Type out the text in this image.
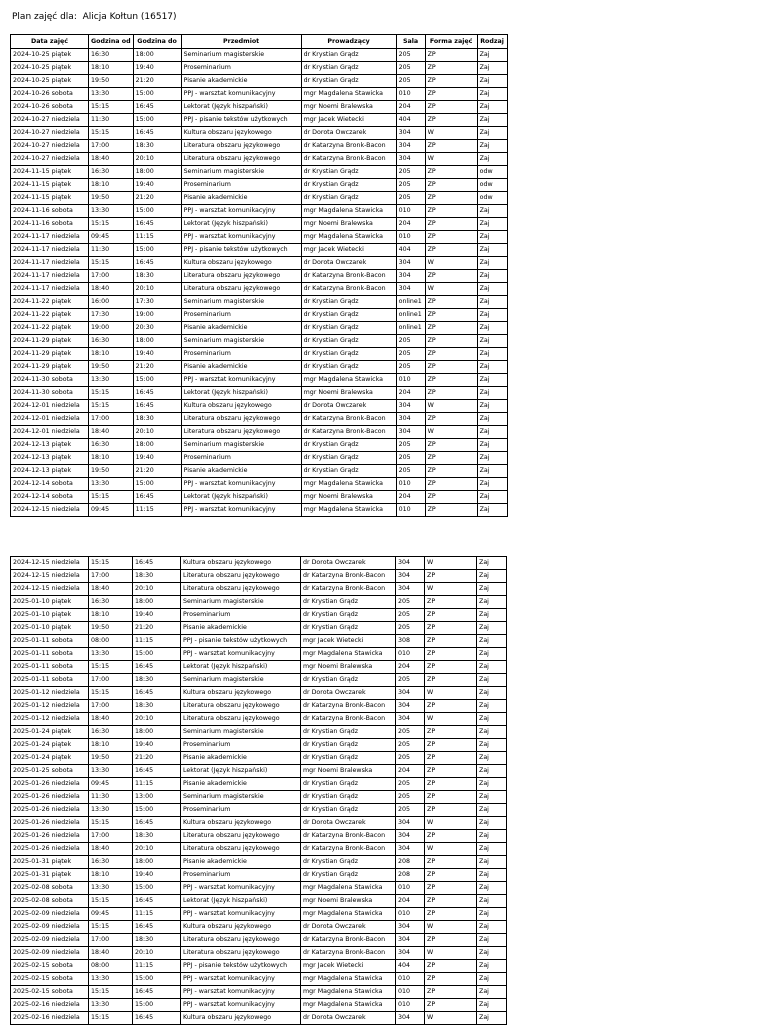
Plan zajęć dla: Alicja Kołtun (16517)
Data zajęć	Godzina od	Godzina do	Przedmiot	Prowadzący	Sala	Forma zajęć	Rodzaj
2024-10-25 piątek	16:30	18:00	Seminarium magisterskie	dr Krystian Grądz	205	ZP	Zaj
2024-10-25 piątek	18:10	19:40	Proseminarium	dr Krystian Grądz	205	ZP	Zaj
2024-10-25 piątek	19:50	21:20	Pisanie akademickie	dr Krystian Grądz	205	ZP	Zaj
2024-10-26 sobota	13:30	15:00	PPJ - warsztat komunikacyjny	mgr Magdalena Stawicka	010	ZP	Zaj
2024-10-26 sobota	15:15	16:45	Lektorat (Język hiszpański)	mgr Noemi Bralewska	204	ZP	Zaj
2024-10-27 niedziela	11:30	15:00	PPJ - pisanie tekstów użytkowych	mgr Jacek Wietecki	404	ZP	Zaj
2024-10-27 niedziela	15:15	16:45	Kultura obszaru językowego	dr Dorota Owczarek	304	W	Zaj
2024-10-27 niedziela	17:00	18:30	Literatura obszaru językowego	dr Katarzyna Bronk-Bacon	304	ZP	Zaj
2024-10-27 niedziela	18:40	20:10	Literatura obszaru językowego	dr Katarzyna Bronk-Bacon	304	W	Zaj
2024-11-15 piątek	16:30	18:00	Seminarium magisterskie	dr Krystian Grądz	205	ZP	odw
2024-11-15 piątek	18:10	19:40	Proseminarium	dr Krystian Grądz	205	ZP	odw
2024-11-15 piątek	19:50	21:20	Pisanie akademickie	dr Krystian Grądz	205	ZP	odw
2024-11-16 sobota	13:30	15:00	PPJ - warsztat komunikacyjny	mgr Magdalena Stawicka	010	ZP	Zaj
2024-11-16 sobota	15:15	16:45	Lektorat (Język hiszpański)	mgr Noemi Bralewska	204	ZP	Zaj
2024-11-17 niedziela	09:45	11:15	PPJ - warsztat komunikacyjny	mgr Magdalena Stawicka	010	ZP	Zaj
2024-11-17 niedziela	11:30	15:00	PPJ - pisanie tekstów użytkowych	mgr Jacek Wietecki	404	ZP	Zaj
2024-11-17 niedziela	15:15	16:45	Kultura obszaru językowego	dr Dorota Owczarek	304	W	Zaj
2024-11-17 niedziela	17:00	18:30	Literatura obszaru językowego	dr Katarzyna Bronk-Bacon	304	ZP	Zaj
2024-11-17 niedziela	18:40	20:10	Literatura obszaru językowego	dr Katarzyna Bronk-Bacon	304	W	Zaj
2024-11-22 piątek	16:00	17:30	Seminarium magisterskie	dr Krystian Grądz	online1	ZP	Zaj
2024-11-22 piątek	17:30	19:00	Proseminarium	dr Krystian Grądz	online1	ZP	Zaj
2024-11-22 piątek	19:00	20:30	Pisanie akademickie	dr Krystian Grądz	online1	ZP	Zaj
2024-11-29 piątek	16:30	18:00	Seminarium magisterskie	dr Krystian Grądz	205	ZP	Zaj
2024-11-29 piątek	18:10	19:40	Proseminarium	dr Krystian Grądz	205	ZP	Zaj
2024-11-29 piątek	19:50	21:20	Pisanie akademickie	dr Krystian Grądz	205	ZP	Zaj
2024-11-30 sobota	13:30	15:00	PPJ - warsztat komunikacyjny	mgr Magdalena Stawicka	010	ZP	Zaj
2024-11-30 sobota	15:15	16:45	Lektorat (Język hiszpański)	mgr Noemi Bralewska	204	ZP	Zaj
2024-12-01 niedziela	15:15	16:45	Kultura obszaru językowego	dr Dorota Owczarek	304	W	Zaj
2024-12-01 niedziela	17:00	18:30	Literatura obszaru językowego	dr Katarzyna Bronk-Bacon	304	ZP	Zaj
2024-12-01 niedziela	18:40	20:10	Literatura obszaru językowego	dr Katarzyna Bronk-Bacon	304	W	Zaj
2024-12-13 piątek	16:30	18:00	Seminarium magisterskie	dr Krystian Grądz	205	ZP	Zaj
2024-12-13 piątek	18:10	19:40	Proseminarium	dr Krystian Grądz	205	ZP	Zaj
2024-12-13 piątek	19:50	21:20	Pisanie akademickie	dr Krystian Grądz	205	ZP	Zaj
2024-12-14 sobota	13:30	15:00	PPJ - warsztat komunikacyjny	mgr Magdalena Stawicka	010	ZP	Zaj
2024-12-14 sobota	15:15	16:45	Lektorat (Język hiszpański)	mgr Noemi Bralewska	204	ZP	Zaj
2024-12-15 niedziela	09:45	11:15	PPJ - warsztat komunikacyjny	mgr Magdalena Stawicka	010	ZP	Zaj
2024-12-15 niedziela	15:15	16:45	Kultura obszaru językowego	dr Dorota Owczarek	304	W	Zaj
2024-12-15 niedziela	17:00	18:30	Literatura obszaru językowego	dr Katarzyna Bronk-Bacon	304	ZP	Zaj
2024-12-15 niedziela	18:40	20:10	Literatura obszaru językowego	dr Katarzyna Bronk-Bacon	304	W	Zaj
2025-01-10 piątek	16:30	18:00	Seminarium magisterskie	dr Krystian Grądz	205	ZP	Zaj
2025-01-10 piątek	18:10	19:40	Proseminarium	dr Krystian Grądz	205	ZP	Zaj
2025-01-10 piątek	19:50	21:20	Pisanie akademickie	dr Krystian Grądz	205	ZP	Zaj
2025-01-11 sobota	08:00	11:15	PPJ - pisanie tekstów użytkowych	mgr Jacek Wietecki	308	ZP	Zaj
2025-01-11 sobota	13:30	15:00	PPJ - warsztat komunikacyjny	mgr Magdalena Stawicka	010	ZP	Zaj
2025-01-11 sobota	15:15	16:45	Lektorat (Język hiszpański)	mgr Noemi Bralewska	204	ZP	Zaj
2025-01-11 sobota	17:00	18:30	Seminarium magisterskie	dr Krystian Grądz	205	ZP	Zaj
2025-01-12 niedziela	15:15	16:45	Kultura obszaru językowego	dr Dorota Owczarek	304	W	Zaj
2025-01-12 niedziela	17:00	18:30	Literatura obszaru językowego	dr Katarzyna Bronk-Bacon	304	ZP	Zaj
2025-01-12 niedziela	18:40	20:10	Literatura obszaru językowego	dr Katarzyna Bronk-Bacon	304	W	Zaj
2025-01-24 piątek	16:30	18:00	Seminarium magisterskie	dr Krystian Grądz	205	ZP	Zaj
2025-01-24 piątek	18:10	19:40	Proseminarium	dr Krystian Grądz	205	ZP	Zaj
2025-01-24 piątek	19:50	21:20	Pisanie akademickie	dr Krystian Grądz	205	ZP	Zaj
2025-01-25 sobota	13:30	16:45	Lektorat (Język hiszpański)	mgr Noemi Bralewska	204	ZP	Zaj
2025-01-26 niedziela	09:45	11:15	Pisanie akademickie	dr Krystian Grądz	205	ZP	Zaj
2025-01-26 niedziela	11:30	13:00	Seminarium magisterskie	dr Krystian Grądz	205	ZP	Zaj
2025-01-26 niedziela	13:30	15:00	Proseminarium	dr Krystian Grądz	205	ZP	Zaj
2025-01-26 niedziela	15:15	16:45	Kultura obszaru językowego	dr Dorota Owczarek	304	W	Zaj
2025-01-26 niedziela	17:00	18:30	Literatura obszaru językowego	dr Katarzyna Bronk-Bacon	304	ZP	Zaj
2025-01-26 niedziela	18:40	20:10	Literatura obszaru językowego	dr Katarzyna Bronk-Bacon	304	W	Zaj
2025-01-31 piątek	16:30	18:00	Pisanie akademickie	dr Krystian Grądz	208	ZP	Zaj
2025-01-31 piątek	18:10	19:40	Proseminarium	dr Krystian Grądz	208	ZP	Zaj
2025-02-08 sobota	13:30	15:00	PPJ - warsztat komunikacyjny	mgr Magdalena Stawicka	010	ZP	Zaj
2025-02-08 sobota	15:15	16:45	Lektorat (Język hiszpański)	mgr Noemi Bralewska	204	ZP	Zaj
2025-02-09 niedziela	09:45	11:15	PPJ - warsztat komunikacyjny	mgr Magdalena Stawicka	010	ZP	Zaj
2025-02-09 niedziela	15:15	16:45	Kultura obszaru językowego	dr Dorota Owczarek	304	W	Zaj
2025-02-09 niedziela	17:00	18:30	Literatura obszaru językowego	dr Katarzyna Bronk-Bacon	304	ZP	Zaj
2025-02-09 niedziela	18:40	20:10	Literatura obszaru językowego	dr Katarzyna Bronk-Bacon	304	W	Zaj
2025-02-15 sobota	08:00	11:15	PPJ - pisanie tekstów użytkowych	mgr Jacek Wietecki	404	ZP	Zaj
2025-02-15 sobota	13:30	15:00	PPJ - warsztat komunikacyjny	mgr Magdalena Stawicka	010	ZP	Zaj
2025-02-15 sobota	15:15	16:45	PPJ - warsztat komunikacyjny	mgr Magdalena Stawicka	010	ZP	Zaj
2025-02-16 niedziela	13:30	15:00	PPJ - warsztat komunikacyjny	mgr Magdalena Stawicka	010	ZP	Zaj
2025-02-16 niedziela	15:15	16:45	Kultura obszaru językowego	dr Dorota Owczarek	304	W	Zaj
